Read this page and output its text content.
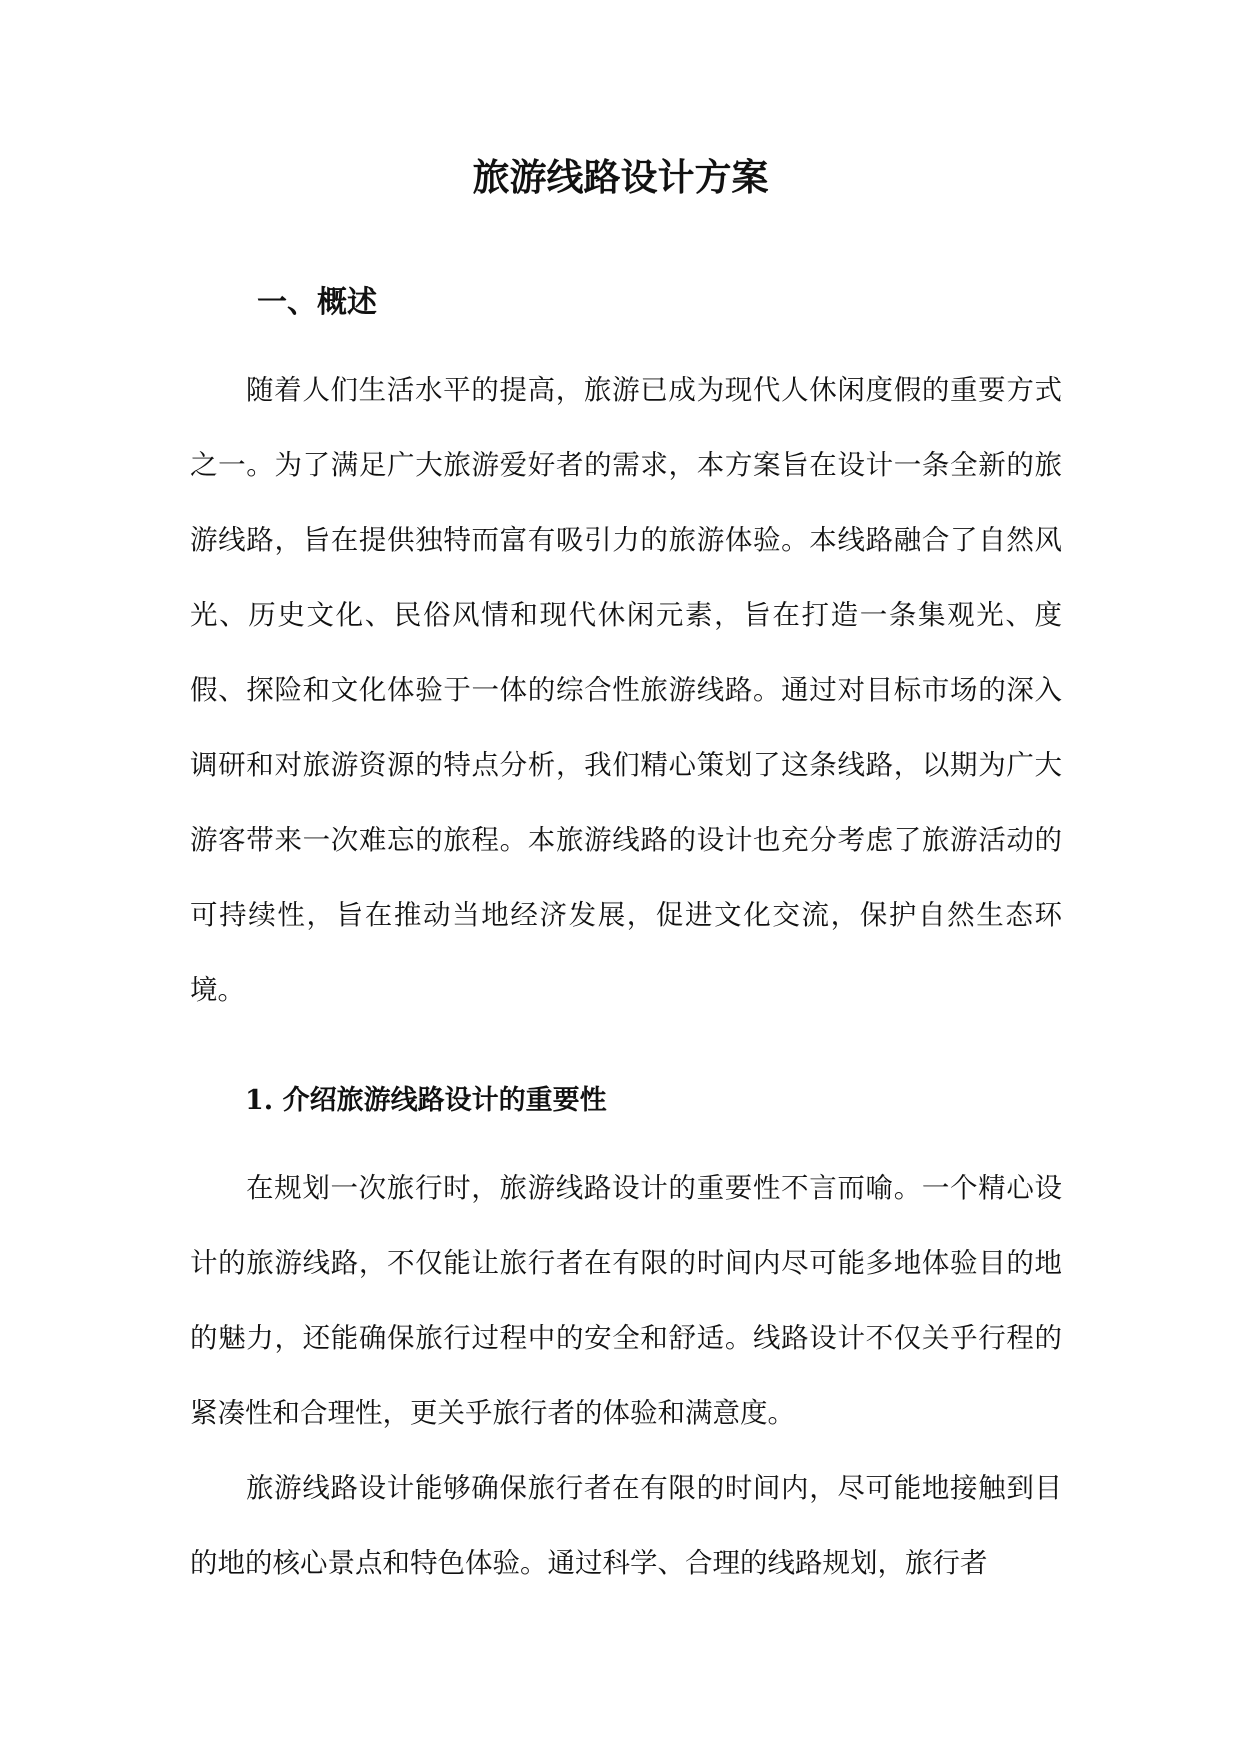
旅游线路设计方案
一、概述

随着人们生活水平的提高，旅游已成为现代人休闲度假的重要方式之一。为了满足广大旅游爱好者的需求，本方案旨在设计一条全新的旅游线路，旨在提供独特而富有吸引力的旅游体验。本线路融合了自然风光、历史文化、民俗风情和现代休闲元素，旨在打造一条集观光、度假、探险和文化体验于一体的综合性旅游线路。通过对目标市场的深入调研和对旅游资源的特点分析，我们精心策划了这条线路，以期为广大游客带来一次难忘的旅程。本旅游线路的设计也充分考虑了旅游活动的可持续性，旨在推动当地经济发展，促进文化交流，保护自然生态环境。

1. 介绍旅游线路设计的重要性

在规划一次旅行时，旅游线路设计的重要性不言而喻。一个精心设计的旅游线路，不仅能让旅行者在有限的时间内尽可能多地体验目的地的魅力，还能确保旅行过程中的安全和舒适。线路设计不仅关乎行程的紧凑性和合理性，更关乎旅行者的体验和满意度。

旅游线路设计能够确保旅行者在有限的时间内，尽可能地接触到目的地的核心景点和特色体验。通过科学、合理的线路规划，旅行者
